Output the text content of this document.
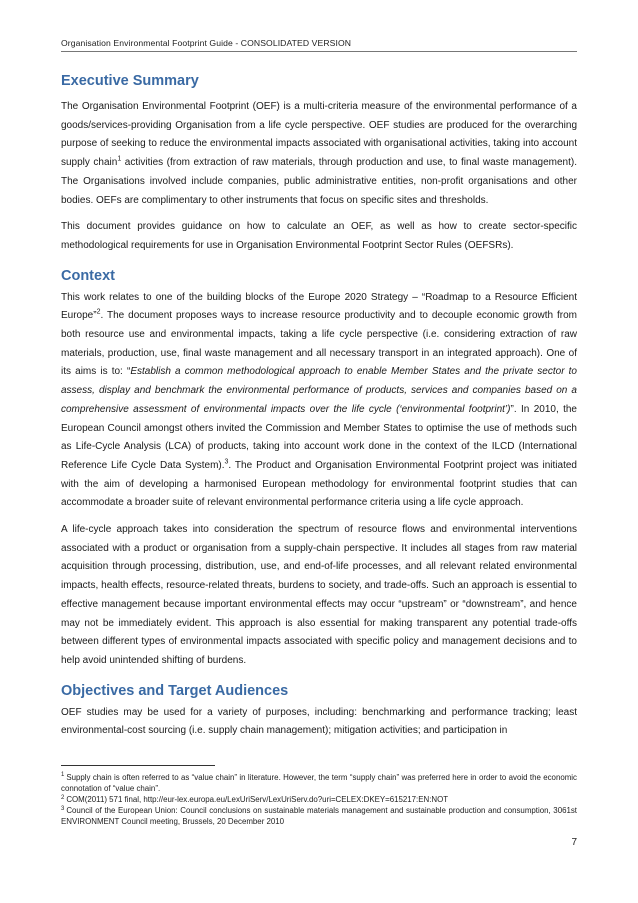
Organisation Environmental Footprint Guide - CONSOLIDATED VERSION
Executive Summary

The Organisation Environmental Footprint (OEF) is a multi-criteria measure of the environmental performance of a goods/services-providing Organisation from a life cycle perspective. OEF studies are produced for the overarching purpose of seeking to reduce the environmental impacts associated with organisational activities, taking into account supply chain$^1$ activities (from extraction of raw materials, through production and use, to final waste management). The Organisations involved include companies, public administrative entities, non-profit organisations and other bodies. OEFs are complimentary to other instruments that focus on specific sites and thresholds.

This document provides guidance on how to calculate an OEF, as well as how to create sector-specific methodological requirements for use in Organisation Environmental Footprint Sector Rules (OEFSRs).

Context

This work relates to one of the building blocks of the Europe 2020 Strategy – “Roadmap to a Resource Efficient Europe”$^2$. The document proposes ways to increase resource productivity and to decouple economic growth from both resource use and environmental impacts, taking a life cycle perspective (i.e. considering extraction of raw materials, production, use, final waste management and all necessary transport in an integrated approach). One of its aims is to: “Establish a common methodological approach to enable Member States and the private sector to assess, display and benchmark the environmental performance of products, services and companies based on a comprehensive assessment of environmental impacts over the life cycle (‘environmental footprint’)”. In 2010, the European Council amongst others invited the Commission and Member States to optimise the use of methods such as Life-Cycle Analysis (LCA) of products, taking into account work done in the context of the ILCD (International Reference Life Cycle Data System).$^3$. The Product and Organisation Environmental Footprint project was initiated with the aim of developing a harmonised European methodology for environmental footprint studies that can accommodate a broader suite of relevant environmental performance criteria using a life cycle approach.

A life-cycle approach takes into consideration the spectrum of resource flows and environmental interventions associated with a product or organisation from a supply-chain perspective. It includes all stages from raw material acquisition through processing, distribution, use, and end-of-life processes, and all relevant related environmental impacts, health effects, resource-related threats, burdens to society, and trade-offs. Such an approach is essential to effective management because important environmental effects may occur “upstream” or “downstream”, and hence may not be immediately evident. This approach is also essential for making transparent any potential trade-offs between different types of environmental impacts associated with specific policy and management decisions and to help avoid unintended shifting of burdens.

Objectives and Target Audiences

OEF studies may be used for a variety of purposes, including: benchmarking and performance tracking; least environmental-cost sourcing (i.e. supply chain management); mitigation activities; and participation in

$^1$ Supply chain is often referred to as “value chain” in literature. However, the term “supply chain” was preferred here in order to avoid the economic connotation of “value chain”.

$^2$ COM(2011) 571 final, http://eur-lex.europa.eu/LexUriServ/LexUriServ.do?uri=CELEX:DKEY=615217:EN:NOT

$^3$ Council of the European Union: Council conclusions on sustainable materials management and sustainable production and consumption, 3061st ENVIRONMENT Council meeting, Brussels, 20 December 2010

7
